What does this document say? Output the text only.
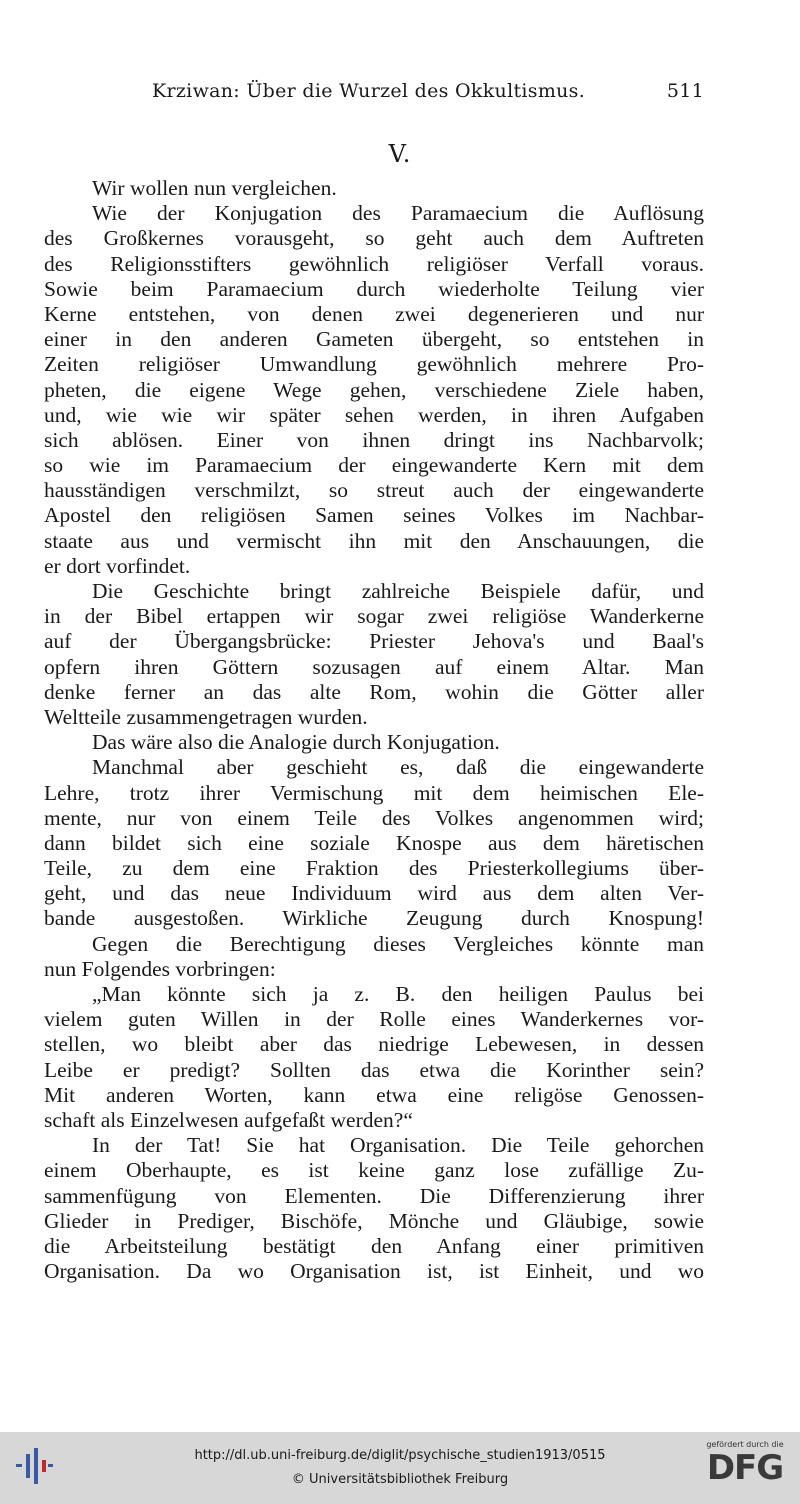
Krziwan: Über die Wurzel des Okkultismus.	511
V.
Wir wollen nun vergleichen.
Wie der Konjugation des Paramaecium die Auflösung
des Großkernes vorausgeht, so geht auch dem Auftreten
des Religionsstifters gewöhnlich religiöser Verfall voraus.
Sowie beim Paramaecium durch wiederholte Teilung vier
Kerne entstehen, von denen zwei degenerieren und nur
einer in den anderen Gameten übergeht, so entstehen in
Zeiten religiöser Umwandlung gewöhnlich mehrere Pro-
pheten, die eigene Wege gehen, verschiedene Ziele haben,
und, wie wie wir später sehen werden, in ihren Aufgaben
sich ablösen. Einer von ihnen dringt ins Nachbarvolk;
so wie im Paramaecium der eingewanderte Kern mit dem
hausständigen verschmilzt, so streut auch der eingewanderte
Apostel den religiösen Samen seines Volkes im Nachbar-
staate aus und vermischt ihn mit den Anschauungen, die
er dort vorfindet.
Die Geschichte bringt zahlreiche Beispiele dafür, und
in der Bibel ertappen wir sogar zwei religiöse Wanderkerne
auf der Übergangsbrücke: Priester Jehova's und Baal's
opfern ihren Göttern sozusagen auf einem Altar. Man
denke ferner an das alte Rom, wohin die Götter aller
Weltteile zusammengetragen wurden.
Das wäre also die Analogie durch Konjugation.
Manchmal aber geschieht es, daß die eingewanderte
Lehre, trotz ihrer Vermischung mit dem heimischen Ele-
mente, nur von einem Teile des Volkes angenommen wird;
dann bildet sich eine soziale Knospe aus dem häretischen
Teile, zu dem eine Fraktion des Priesterkollegiums über-
geht, und das neue Individuum wird aus dem alten Ver-
bande ausgestoßen. Wirkliche Zeugung durch Knospung!
Gegen die Berechtigung dieses Vergleiches könnte man
nun Folgendes vorbringen:
„Man könnte sich ja z. B. den heiligen Paulus bei
vielem guten Willen in der Rolle eines Wanderkernes vor-
stellen, wo bleibt aber das niedrige Lebewesen, in dessen
Leibe er predigt? Sollten das etwa die Korinther sein?
Mit anderen Worten, kann etwa eine religöse Genossen-
schaft als Einzelwesen aufgefaßt werden?“
In der Tat! Sie hat Organisation. Die Teile gehorchen
einem Oberhaupte, es ist keine ganz lose zufällige Zu-
sammenfügung von Elementen. Die Differenzierung ihrer
Glieder in Prediger, Bischöfe, Mönche und Gläubige, sowie
die Arbeitsteilung bestätigt den Anfang einer primitiven
Organisation. Da wo Organisation ist, ist Einheit, und wo
http://dl.ub.uni-freiburg.de/diglit/psychische_studien1913/0515
© Universitätsbibliothek Freiburg
gefördert durch die
DFG
